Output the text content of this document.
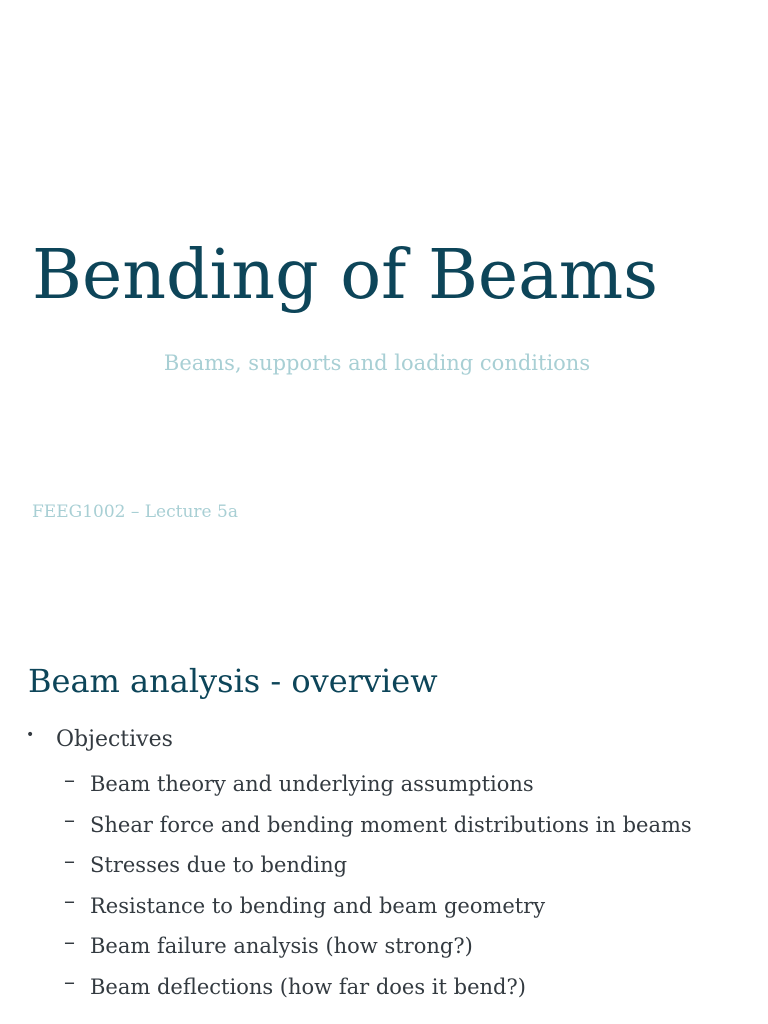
Bending of Beams

Beams, supports and loading conditions

FEEG1002 – Lecture 5a

Beam analysis - overview
• Objectives
– Beam theory and underlying assumptions
– Shear force and bending moment distributions in beams
– Stresses due to bending
– Resistance to bending and beam geometry
– Beam failure analysis (how strong?)
– Beam deflections (how far does it bend?)
